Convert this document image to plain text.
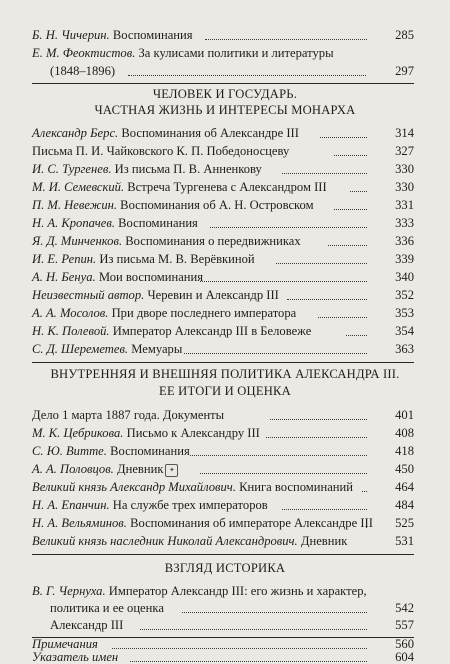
Б. Н. Чичерин. Воспоминания	285
Е. М. Феоктистов. За кулисами политики и литературы
(1848–1896)	297
ЧЕЛОВЕК И ГОСУДАРЬ.
ЧАСТНАЯ ЖИЗНЬ И ИНТЕРЕСЫ МОНАРХА
Александр Берс. Воспоминания об Александре III	314
Письма П. И. Чайковского К. П. Победоносцеву	327
И. С. Тургенев. Из письма П. В. Анненкову	330
М. И. Семевский. Встреча Тургенева с Александром III	330
П. М. Невежин. Воспоминания об А. Н. Островском	331
Н. А. Кропачев. Воспоминания	333
Я. Д. Минченков. Воспоминания о передвижниках	336
И. Е. Репин. Из письма М. В. Верёвкиной	339
А. Н. Бенуа. Мои воспоминания	340
Неизвестный автор. Черевин и Александр III	352
А. А. Мосолов. При дворе последнего императора	353
Н. К. Полевой. Император Александр III в Беловеже	354
С. Д. Шереметев. Мемуары	363
ВНУТРЕННЯЯ И ВНЕШНЯЯ ПОЛИТИКА АЛЕКСАНДРА III.
ЕЕ ИТОГИ И ОЦЕНКА
Дело 1 марта 1887 года. Документы	401
М. К. Цебрикова. Письмо к Александру III	408
С. Ю. Витте. Воспоминания	418
А. А. Половцов. Дневник ✦	450
Великий князь Александр Михайлович. Книга воспоминаний	464
Н. А. Епанчин. На службе трех императоров	484
Н. А. Вельяминов. Воспоминания об императоре Александре III	525
Великий князь наследник Николай Александрович. Дневник	531
ВЗГЛЯД ИСТОРИКА
В. Г. Чернуха. Император Александр III: его жизнь и характер,
политика и ее оценка	542
Александр III	557
Примечания	560
Указатель имен	604
